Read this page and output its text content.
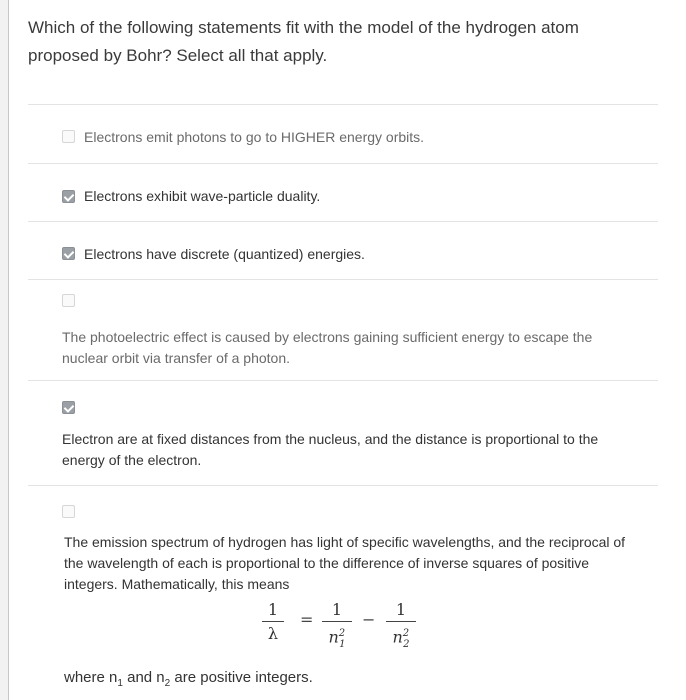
Which of the following statements fit with the model of the hydrogen atom proposed by Bohr? Select all that apply.
Electrons emit photons to go to HIGHER energy orbits.
Electrons exhibit wave-particle duality.
Electrons have discrete (quantized) energies.
The photoelectric effect is caused by electrons gaining sufficient energy to escape the nuclear orbit via transfer of a photon.
Electron are at fixed distances from the nucleus, and the distance is proportional to the energy of the electron.
The emission spectrum of hydrogen has light of specific wavelengths, and the reciprocal of the wavelength of each is proportional to the difference of inverse squares of positive integers. Mathematically, this means
1
λ
=
1
$n^2_1$
−
1
$n^2_2$
where $n_1$ and $n_2$ are positive integers.
